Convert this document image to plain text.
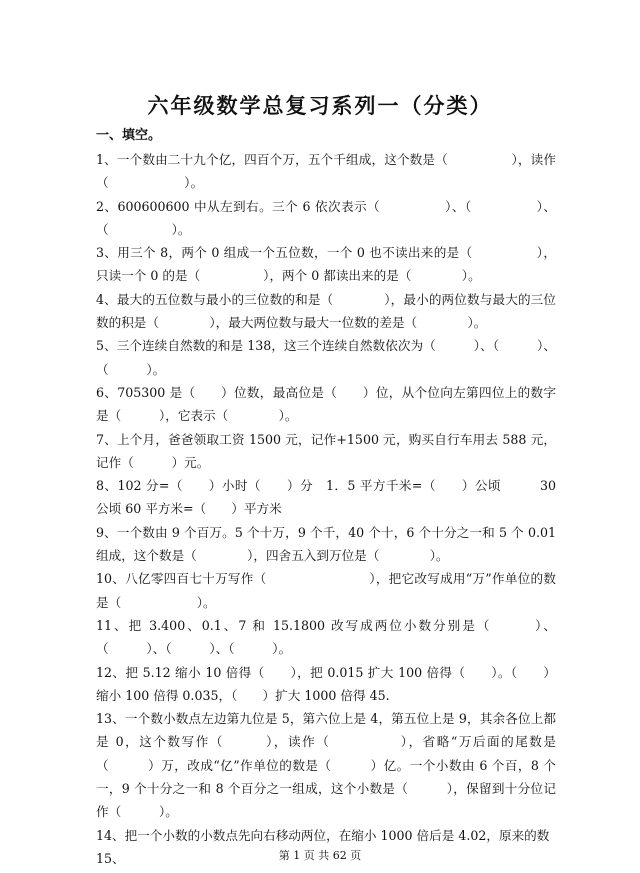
六年级数学总复习系列一（分类）
一、填空。

1、一个数由二十九个亿，四百个万，五个千组成，这个数是（　　　　　），读作（　　　　　　）。

2、600600600 中从左到右。三个 6 依次表示（　　　　　）、（　　　　　）、（　　　　　）。

3、用三个 8，两个 0 组成一个五位数，一个 0 也不读出来的是（　　　　　），只读一个 0 的是（　　　　　），两个 0 都读出来的是（　　　　）。

4、最大的五位数与最小的三位数的和是（　　　　），最小的两位数与最大的三位数的积是（　　　　），最大两位数与最大一位数的差是（　　　　）。

5、三个连续自然数的和是 138，这三个连续自然数依次为（　　　）、（　　　）、（　　　）。

6、705300 是（　　）位数，最高位是（　　）位，从个位向左第四位上的数字是（　　　），它表示（　　　　）。

7、上个月，爸爸领取工资 1500 元，记作+1500 元，购买自行车用去 588 元，记作（　　　）元。

8、102 分=（　　）小时（　　）分　1．5 平方千米=（　　）公顷　　　30 公顷 60 平方米=（　　）平方米

9、一个数由 9 个百万。5 个十万，9 个千，40 个十，6 个十分之一和 5 个 0.01 组成，这个数是（　　　　），四舍五入到万位是（　　　　）。

10、八亿零四百七十万写作（　　　　　　　　），把它改写成用“万”作单位的数是（　　　　　　）。

11、把 3.400、0.1、7 和 15.1800 改写成两位小数分别是（　　　）、（　　　）、（　　　）、（　　　）。

12、把 5.12 缩小 10 倍得（　　），把 0.015 扩大 100 倍得（　　）。（　　）缩小 100 倍得 0.035，（　　）扩大 1000 倍得 45.

13、一个数小数点左边第九位是 5，第六位上是 4，第五位上是 9，其余各位上都是 0，这个数写作（　　　），读作（　　　　　），省略“万后面的尾数是（　　　）万，改成“亿”作单位的数是（　　　）亿。一个小数由 6 个百，8 个一，9 个十分之一和 8 个百分之一组成，这个小数是（　　　），保留到十分位记作（　　　）。

14、把一个小数的小数点先向右移动两位，在缩小 1000 倍后是 4.02，原来的数

15、	第 1 页 共 62 页
